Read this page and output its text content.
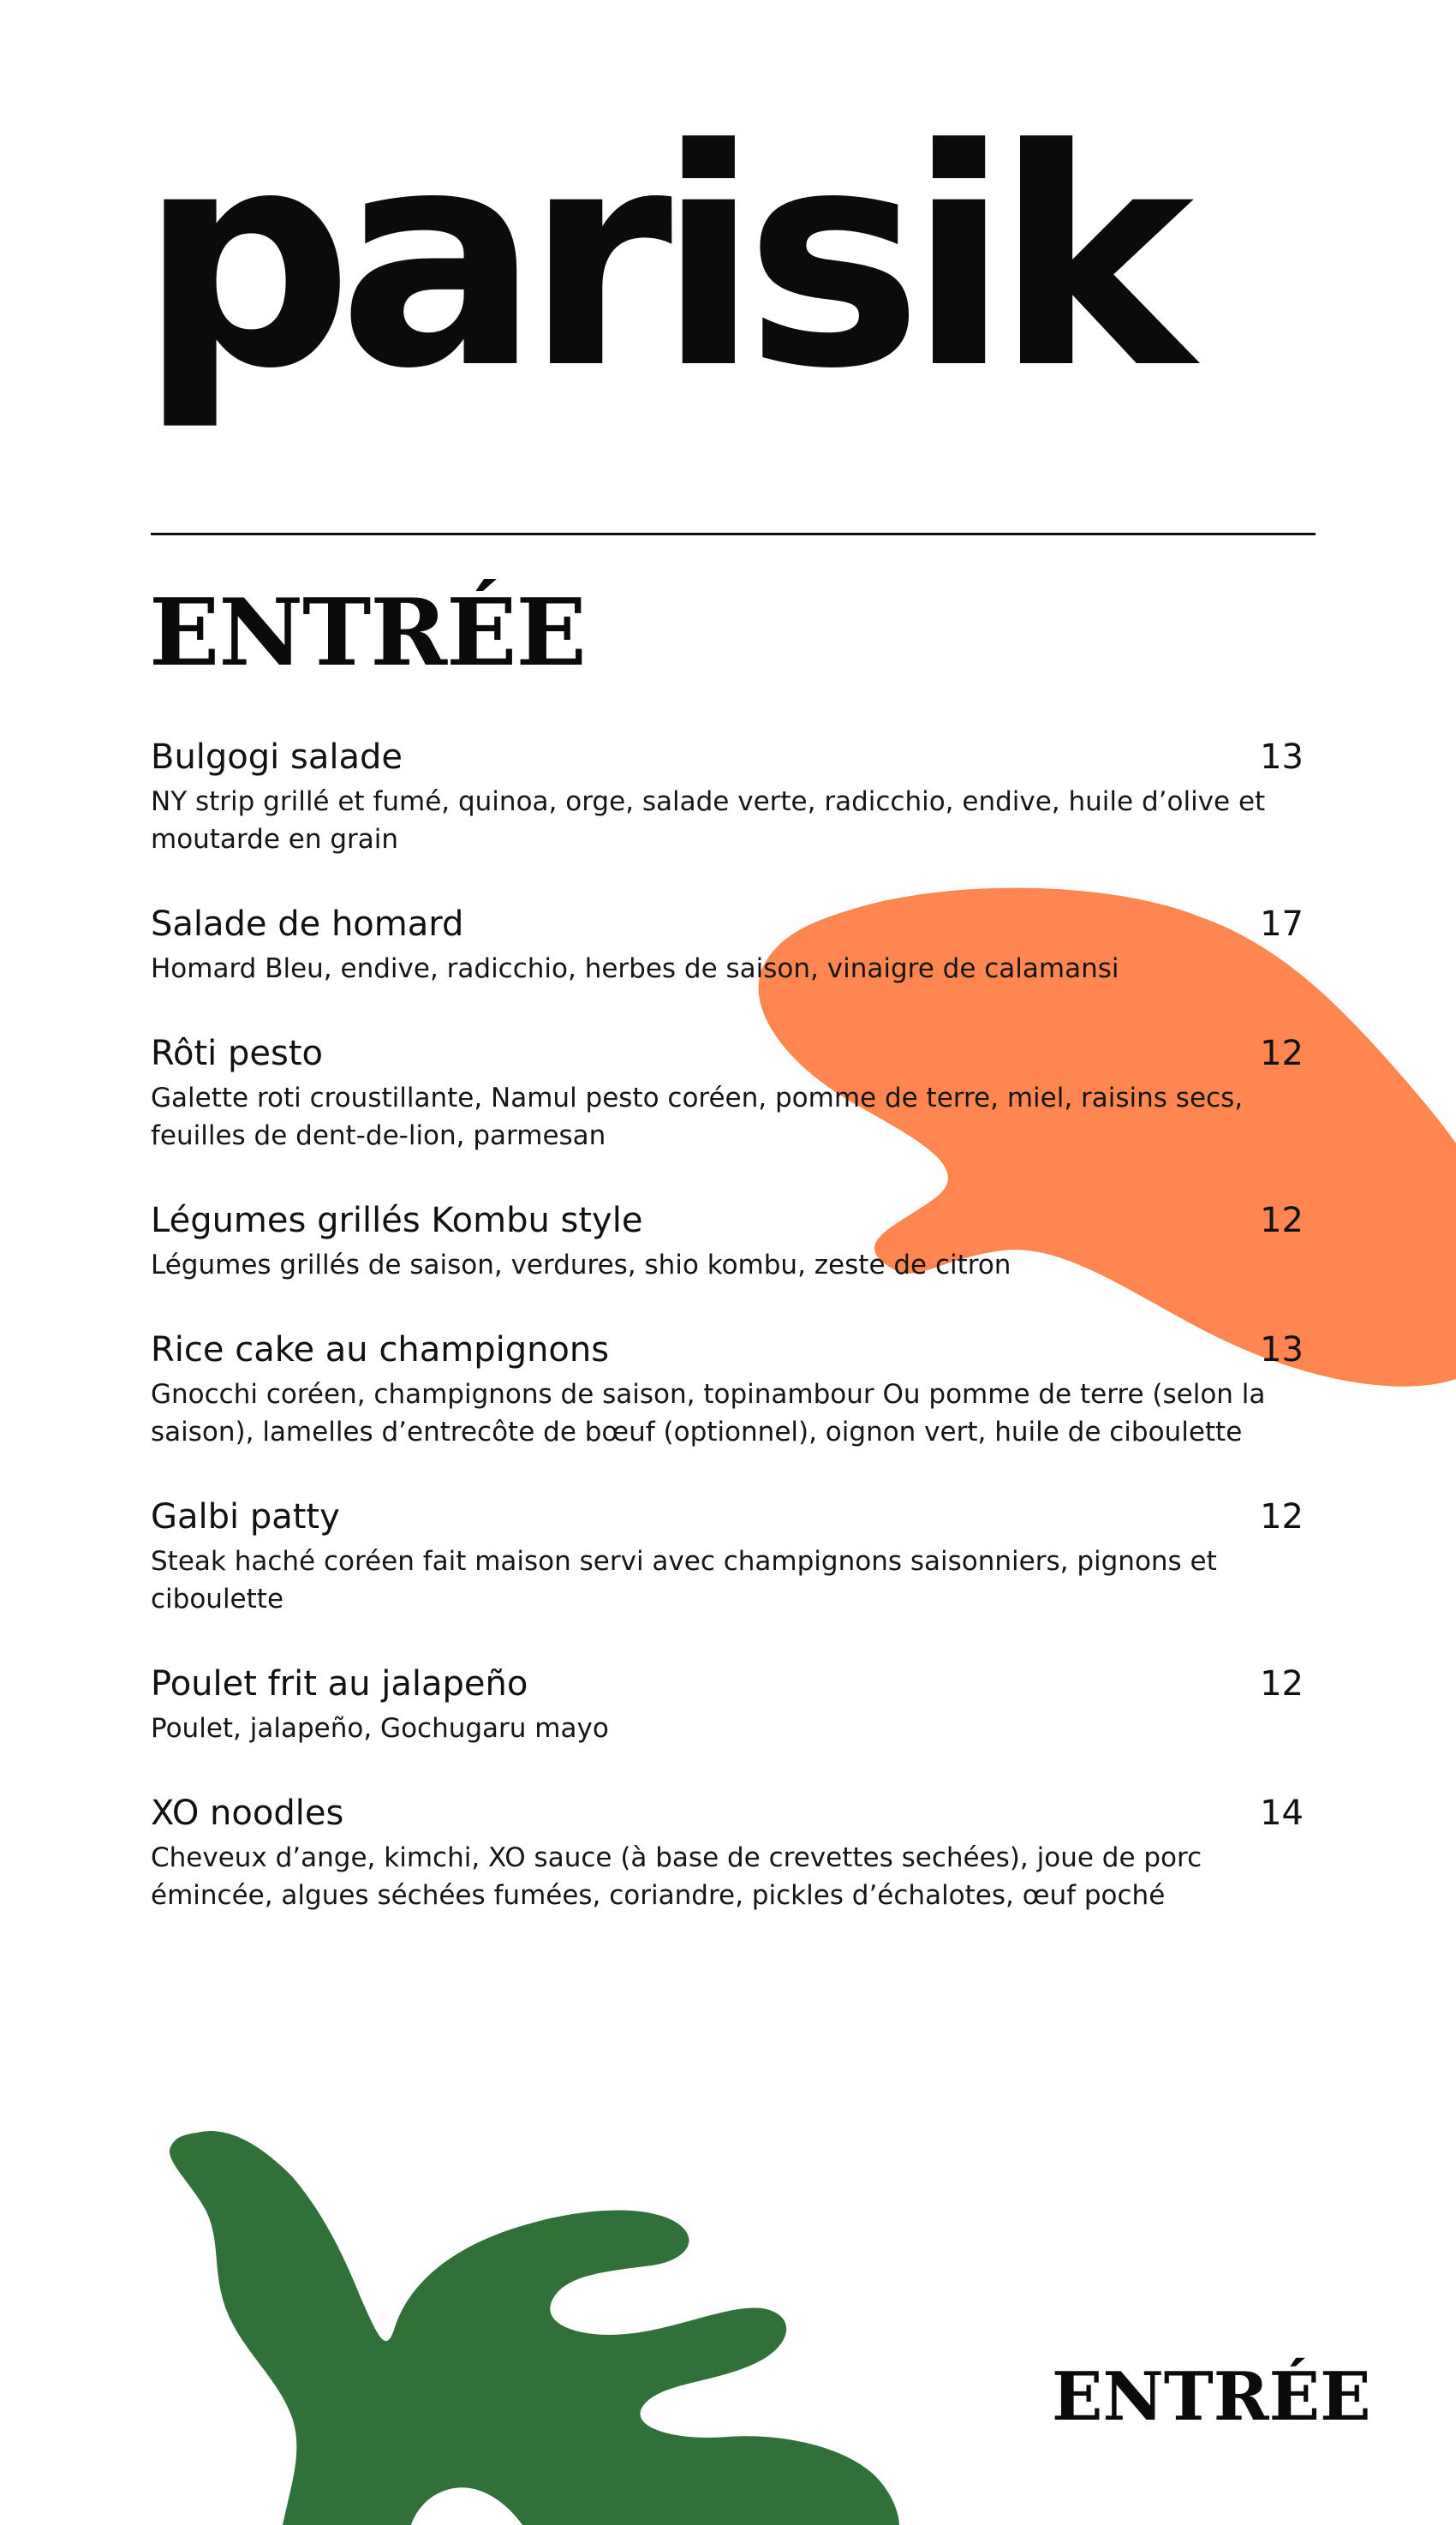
parisik
ENTRÉE
Bulgogi salade	13
NY strip grillé et fumé, quinoa, orge, salade verte, radicchio, endive, huile d’olive et moutarde en grain
Salade de homard	17
Homard Bleu, endive, radicchio, herbes de saison, vinaigre de calamansi
Rôti pesto	12
Galette roti croustillante, Namul pesto coréen, pomme de terre, miel, raisins secs, feuilles de dent-de-lion, parmesan
Légumes grillés Kombu style	12
Légumes grillés de saison, verdures, shio kombu, zeste de citron
Rice cake au champignons	13
Gnocchi coréen, champignons de saison, topinambour Ou pomme de terre (selon la saison), lamelles d’entrecôte de bœuf (optionnel), oignon vert, huile de ciboulette
Galbi patty	12
Steak haché coréen fait maison servi avec champignons saisonniers, pignons et ciboulette
Poulet frit au jalapeño	12
Poulet, jalapeño, Gochugaru mayo
XO noodles	14
Cheveux d’ange, kimchi, XO sauce (à base de crevettes sechées), joue de porc émincée, algues séchées fumées, coriandre, pickles d’échalotes, œuf poché
ENTRÉE
